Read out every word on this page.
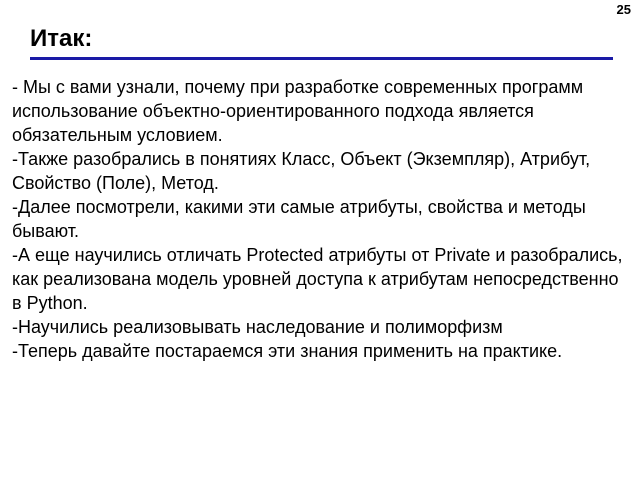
25
Итак:

- Мы с вами узнали, почему при разработке современных программ использование объектно-ориентированного подхода является обязательным условием.

-Также разобрались в понятиях Класс, Объект (Экземпляр), Атрибут, Свойство (Поле), Метод.

-Далее посмотрели, какими эти самые атрибуты, свойства и методы бывают.

-А еще научились отличать Protected атрибуты от Private и разобрались, как реализована модель уровней доступа к атрибутам непосредственно в Python.

-Научились реализовывать наследование и полиморфизм

-Теперь давайте постараемся эти знания применить на практике.
